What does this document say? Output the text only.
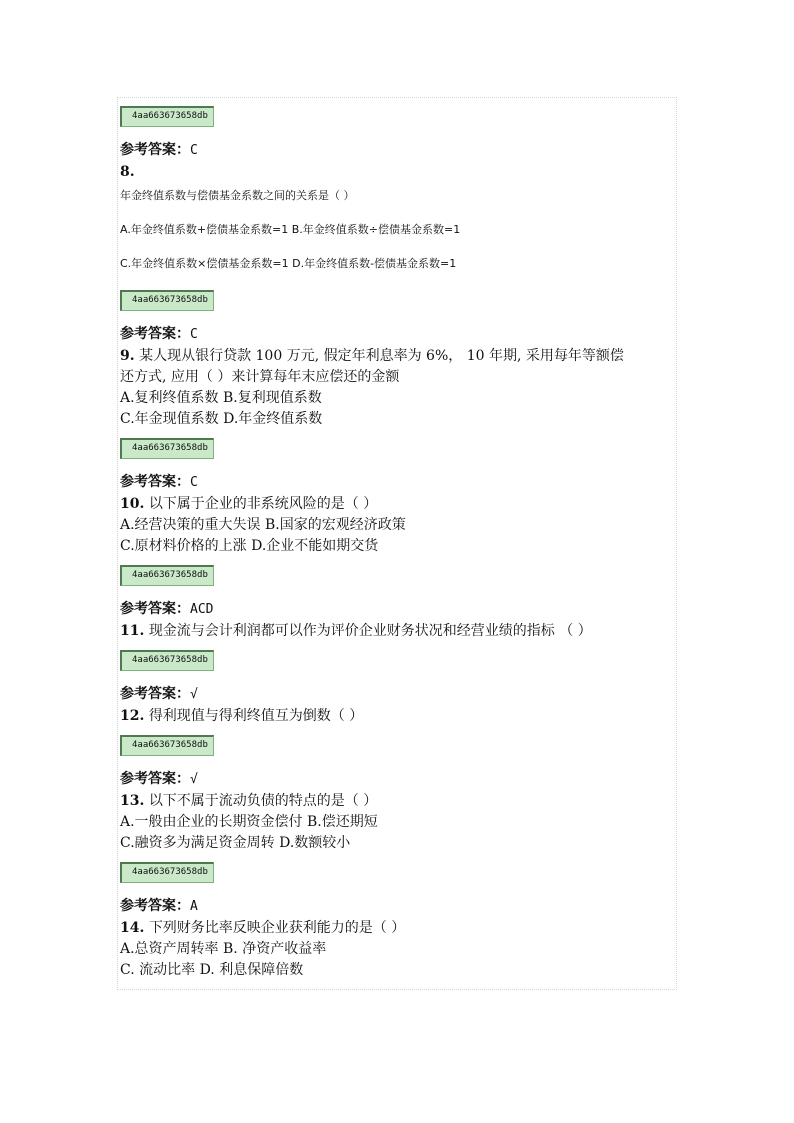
4aa663673658db
参考答案：C
8.
年金终值系数与偿债基金系数之间的关系是（ ）
A.年金终值系数+偿债基金系数=1 B.年金终值系数÷偿债基金系数=1
C.年金终值系数×偿债基金系数=1 D.年金终值系数-偿债基金系数=1
4aa663673658db
参考答案：C
9. 某人现从银行贷款 100 万元, 假定年利息率为 6%， 10 年期, 采用每年等额偿
还方式, 应用（ ）来计算每年末应偿还的金额
A.复利终值系数 B.复利现值系数
C.年金现值系数 D.年金终值系数
4aa663673658db
参考答案：C
10. 以下属于企业的非系统风险的是（ ）
A.经营决策的重大失误 B.国家的宏观经济政策
C.原材料价格的上涨 D.企业不能如期交货
4aa663673658db
参考答案：ACD
11. 现金流与会计利润都可以作为评价企业财务状况和经营业绩的指标 （ ）
4aa663673658db
参考答案：√
12. 得利现值与得利终值互为倒数（ ）
4aa663673658db
参考答案：√
13. 以下不属于流动负债的特点的是（ ）
A.一般由企业的长期资金偿付 B.偿还期短
C.融资多为满足资金周转 D.数额较小
4aa663673658db
参考答案：A
14. 下列财务比率反映企业获利能力的是（ ）
A.总资产周转率 B. 净资产收益率
C. 流动比率 D. 利息保障倍数
